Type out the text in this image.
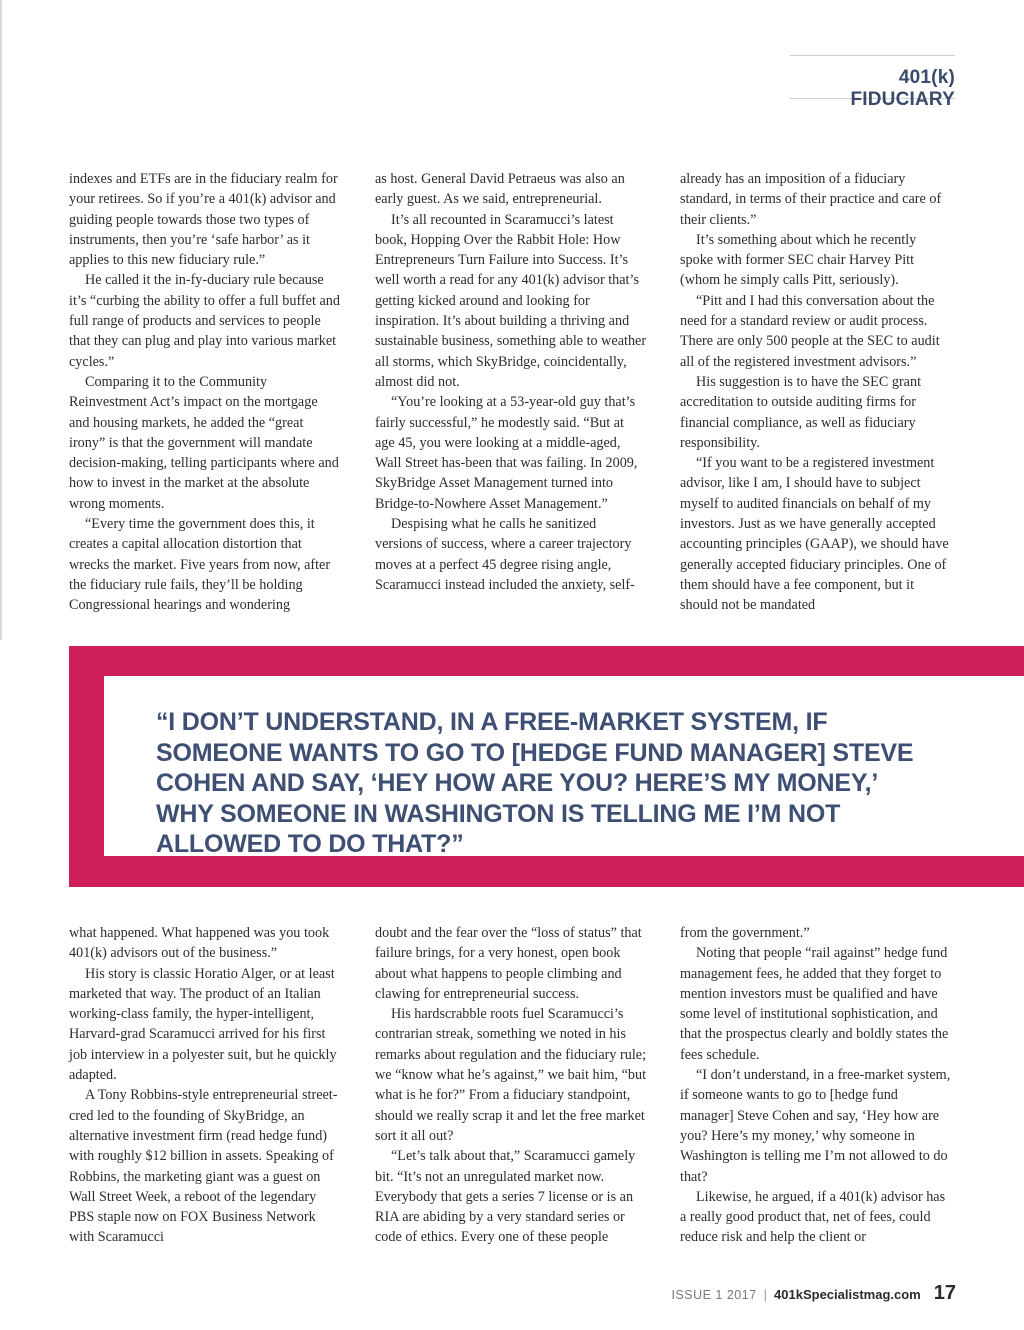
401(k) FIDUCIARY

indexes and ETFs are in the fiduciary realm for your retirees. So if you’re a 401(k) advisor and guiding people towards those two types of instruments, then you’re ‘safe harbor’ as it applies to this new fiduciary rule.”

He called it the in-fy-duciary rule because it’s “curbing the ability to offer a full buffet and full range of products and services to people that they can plug and play into various market cycles.”

Comparing it to the Community Reinvestment Act’s impact on the mortgage and housing markets, he added the “great irony” is that the government will mandate decision-making, telling participants where and how to invest in the market at the absolute wrong moments.

“Every time the government does this, it creates a capital allocation distortion that wrecks the market. Five years from now, after the fiduciary rule fails, they’ll be holding Congressional hearings and wondering

as host. General David Petraeus was also an early guest. As we said, entrepreneurial.

It’s all recounted in Scaramucci’s latest book, Hopping Over the Rabbit Hole: How Entrepreneurs Turn Failure into Success. It’s well worth a read for any 401(k) advisor that’s getting kicked around and looking for inspiration. It’s about building a thriving and sustainable business, something able to weather all storms, which SkyBridge, coincidentally, almost did not.

“You’re looking at a 53-year-old guy that’s fairly successful,” he modestly said. “But at age 45, you were looking at a middle-aged, Wall Street has-been that was failing. In 2009, SkyBridge Asset Management turned into Bridge-to-Nowhere Asset Management.”

Despising what he calls he sanitized versions of success, where a career trajectory moves at a perfect 45 degree rising angle, Scaramucci instead included the anxiety, self-

already has an imposition of a fiduciary standard, in terms of their practice and care of their clients.”

It’s something about which he recently spoke with former SEC chair Harvey Pitt (whom he simply calls Pitt, seriously).

“Pitt and I had this conversation about the need for a standard review or audit process. There are only 500 people at the SEC to audit all of the registered investment advisors.”

His suggestion is to have the SEC grant accreditation to outside auditing firms for financial compliance, as well as fiduciary responsibility.

“If you want to be a registered investment advisor, like I am, I should have to subject myself to audited financials on behalf of my investors. Just as we have generally accepted accounting principles (GAAP), we should have generally accepted fiduciary principles. One of them should have a fee component, but it should not be mandated

“I DON’T UNDERSTAND, IN A FREE-MARKET SYSTEM, IF SOMEONE WANTS TO GO TO [HEDGE FUND MANAGER] STEVE COHEN AND SAY, ‘HEY HOW ARE YOU? HERE’S MY MONEY,’ WHY SOMEONE IN WASHINGTON IS TELLING ME I’M NOT ALLOWED TO DO THAT?”

what happened. What happened was you took 401(k) advisors out of the business.”

His story is classic Horatio Alger, or at least marketed that way. The product of an Italian working-class family, the hyper-intelligent, Harvard-grad Scaramucci arrived for his first job interview in a polyester suit, but he quickly adapted.

A Tony Robbins-style entrepreneurial street-cred led to the founding of SkyBridge, an alternative investment firm (read hedge fund) with roughly $12 billion in assets. Speaking of Robbins, the marketing giant was a guest on Wall Street Week, a reboot of the legendary PBS staple now on FOX Business Network with Scaramucci

doubt and the fear over the “loss of status” that failure brings, for a very honest, open book about what happens to people climbing and clawing for entrepreneurial success.

His hardscrabble roots fuel Scaramucci’s contrarian streak, something we noted in his remarks about regulation and the fiduciary rule; we “know what he’s against,” we bait him, “but what is he for?” From a fiduciary standpoint, should we really scrap it and let the free market sort it all out?

“Let’s talk about that,” Scaramucci gamely bit. “It’s not an unregulated market now. Everybody that gets a series 7 license or is an RIA are abiding by a very standard series or code of ethics. Every one of these people

from the government.”

Noting that people “rail against” hedge fund management fees, he added that they forget to mention investors must be qualified and have some level of institutional sophistication, and that the prospectus clearly and boldly states the fees schedule.

“I don’t understand, in a free-market system, if someone wants to go to [hedge fund manager] Steve Cohen and say, ‘Hey how are you? Here’s my money,’ why someone in Washington is telling me I’m not allowed to do that?

Likewise, he argued, if a 401(k) advisor has a really good product that, net of fees, could reduce risk and help the client or

ISSUE 1 2017 | 401kSpecialistmag.com 17
